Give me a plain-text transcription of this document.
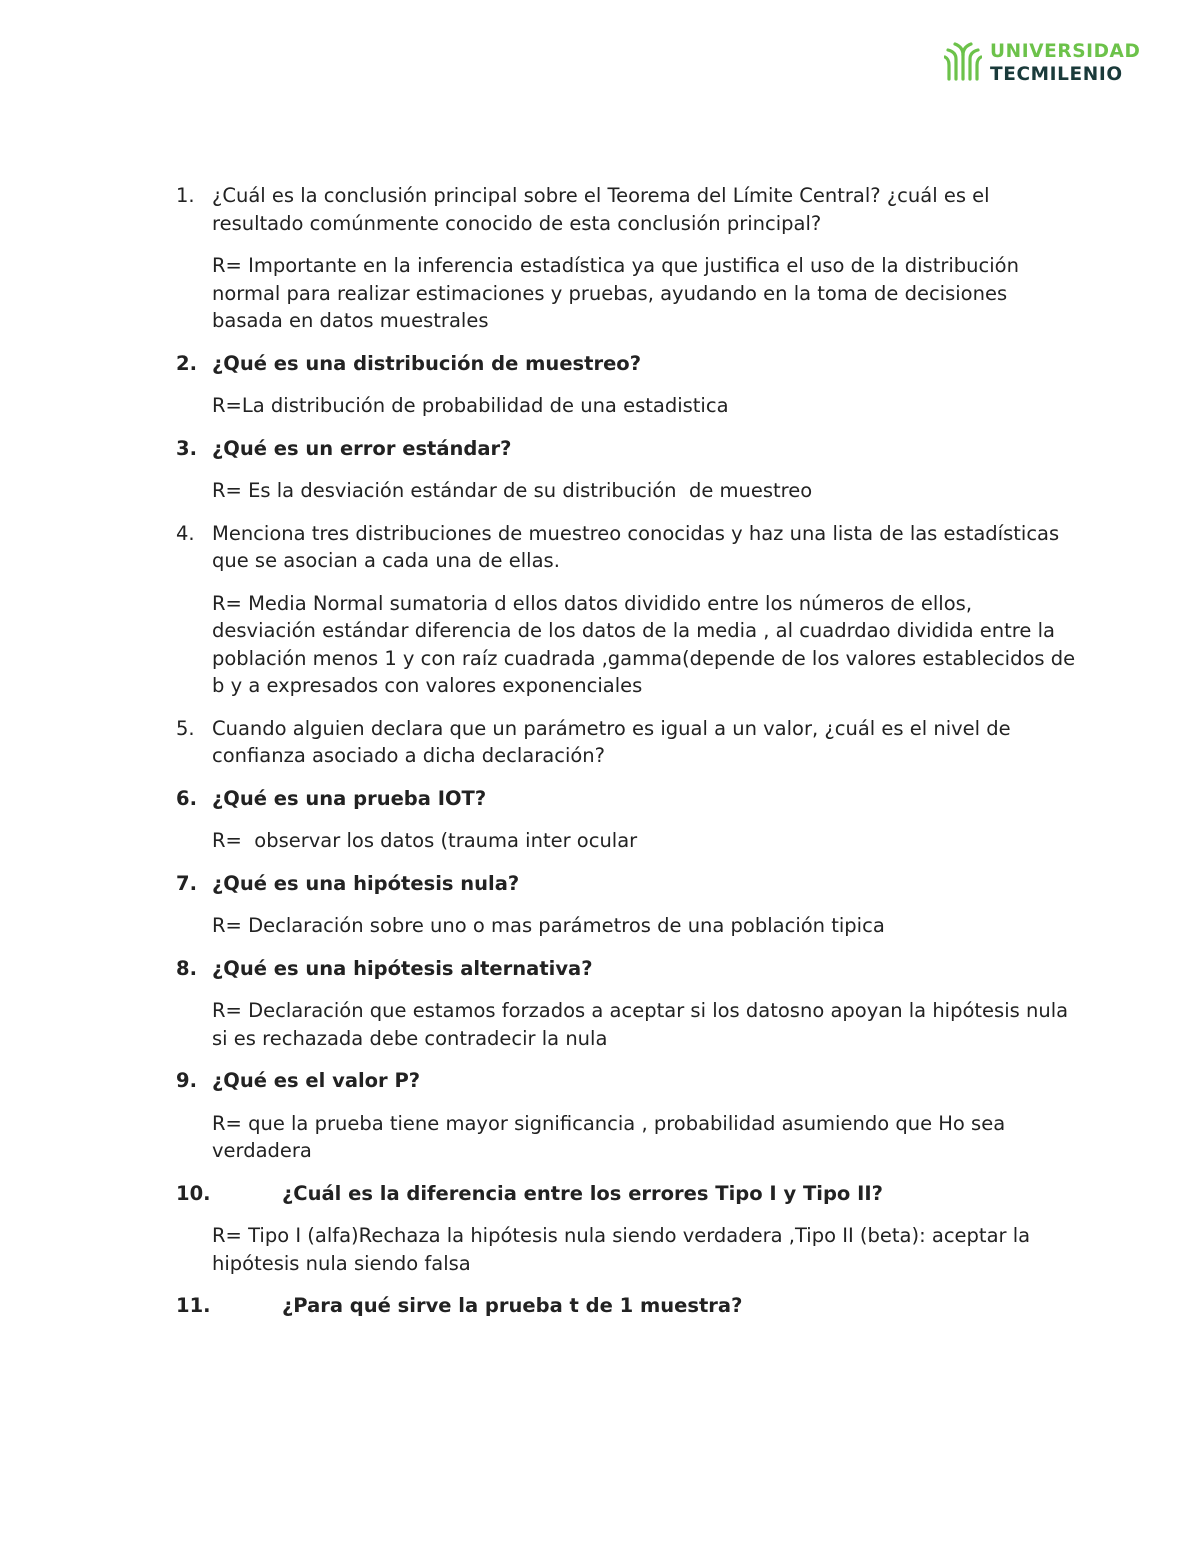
UNIVERSIDAD
TECMILENIO
1. ¿Cuál es la conclusión principal sobre el Teorema del Límite Central? ¿cuál es el resultado comúnmente conocido de esta conclusión principal?
R= Importante en la inferencia estadística ya que justifica el uso de la distribución normal para realizar estimaciones y pruebas, ayudando en la toma de decisiones basada en datos muestrales
2. ¿Qué es una distribución de muestreo?
R=La distribución de probabilidad de una estadistica
3. ¿Qué es un error estándar?
R= Es la desviación estándar de su distribución  de muestreo
4. Menciona tres distribuciones de muestreo conocidas y haz una lista de las estadísticas que se asocian a cada una de ellas.
R= Media Normal sumatoria d ellos datos dividido entre los números de ellos, desviación estándar diferencia de los datos de la media , al cuadrdao dividida entre la población menos 1 y con raíz cuadrada ,gamma(depende de los valores establecidos de b y a expresados con valores exponenciales
5. Cuando alguien declara que un parámetro es igual a un valor, ¿cuál es el nivel de confianza asociado a dicha declaración?
6. ¿Qué es una prueba IOT?
R=  observar los datos (trauma inter ocular
7. ¿Qué es una hipótesis nula?
R= Declaración sobre uno o mas parámetros de una población tipica
8. ¿Qué es una hipótesis alternativa?
R= Declaración que estamos forzados a aceptar si los datosno apoyan la hipótesis nula si es rechazada debe contradecir la nula
9. ¿Qué es el valor P?
R= que la prueba tiene mayor significancia , probabilidad asumiendo que Ho sea verdadera
10.	¿Cuál es la diferencia entre los errores Tipo I y Tipo II?
R= Tipo I (alfa)Rechaza la hipótesis nula siendo verdadera ,Tipo II (beta): aceptar la hipótesis nula siendo falsa
11.	¿Para qué sirve la prueba t de 1 muestra?
